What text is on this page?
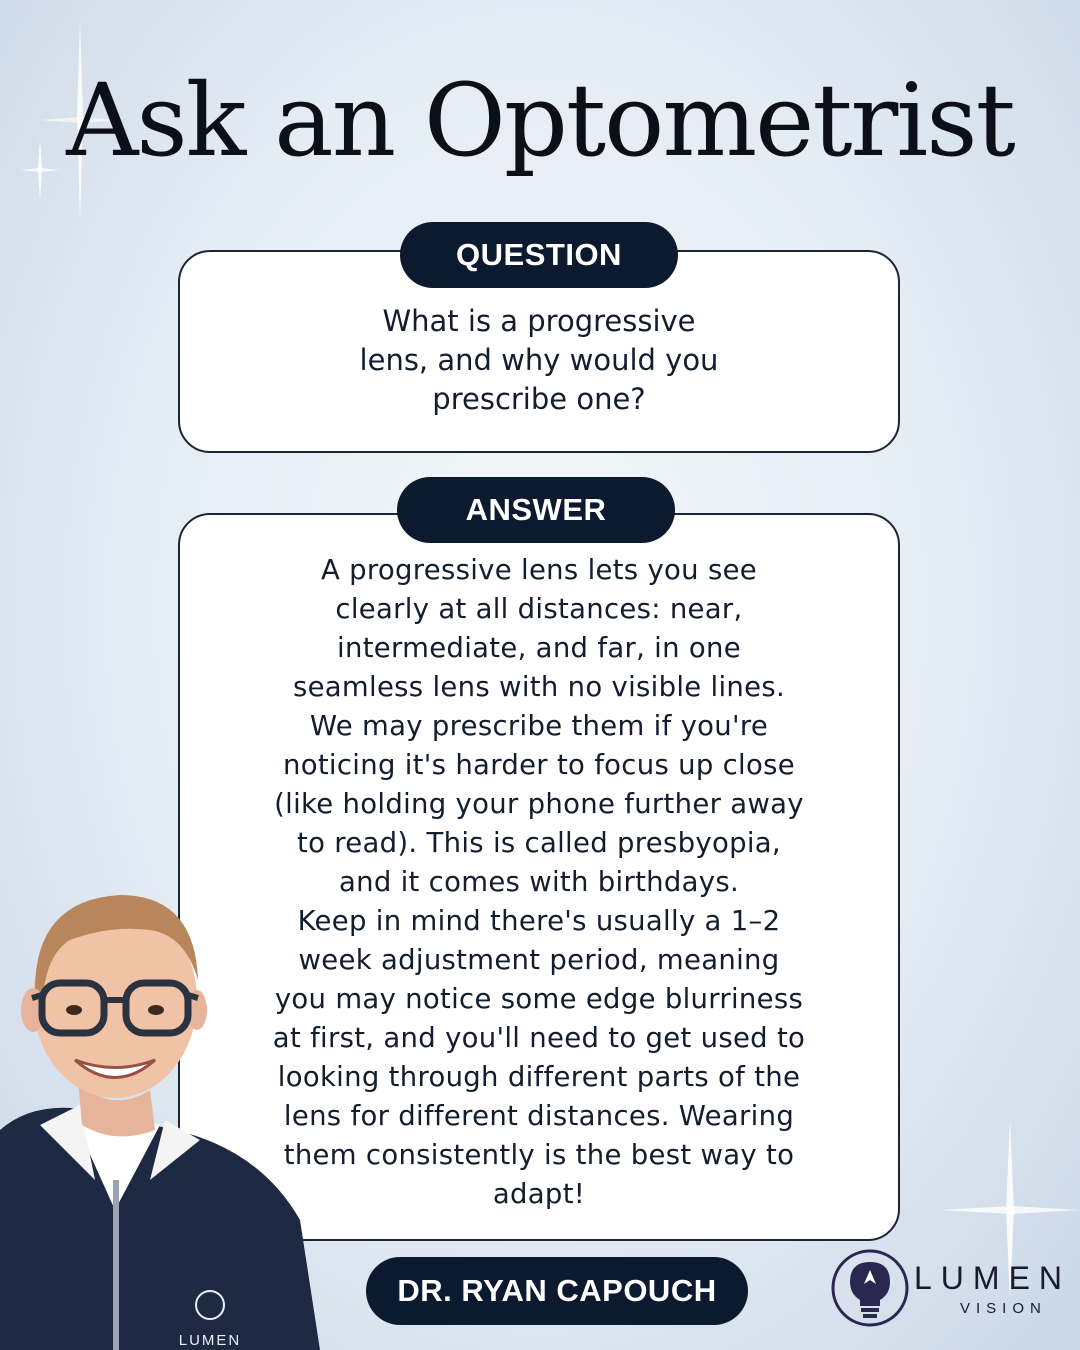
Ask an Optometrist
What is a progressive
lens, and why would you
prescribe one?
QUESTION
A progressive lens lets you see
clearly at all distances: near,
intermediate, and far, in one
seamless lens with no visible lines.
We may prescribe them if you're
noticing it's harder to focus up close
(like holding your phone further away
to read). This is called presbyopia,
and it comes with birthdays.
Keep in mind there's usually a 1–2
week adjustment period, meaning
you may notice some edge blurriness
at first, and you'll need to get used to
looking through different parts of the
lens for different distances. Wearing
them consistently is the best way to
adapt!
ANSWER
LUMEN
DR. RYAN CAPOUCH	LUMEN
VISION
